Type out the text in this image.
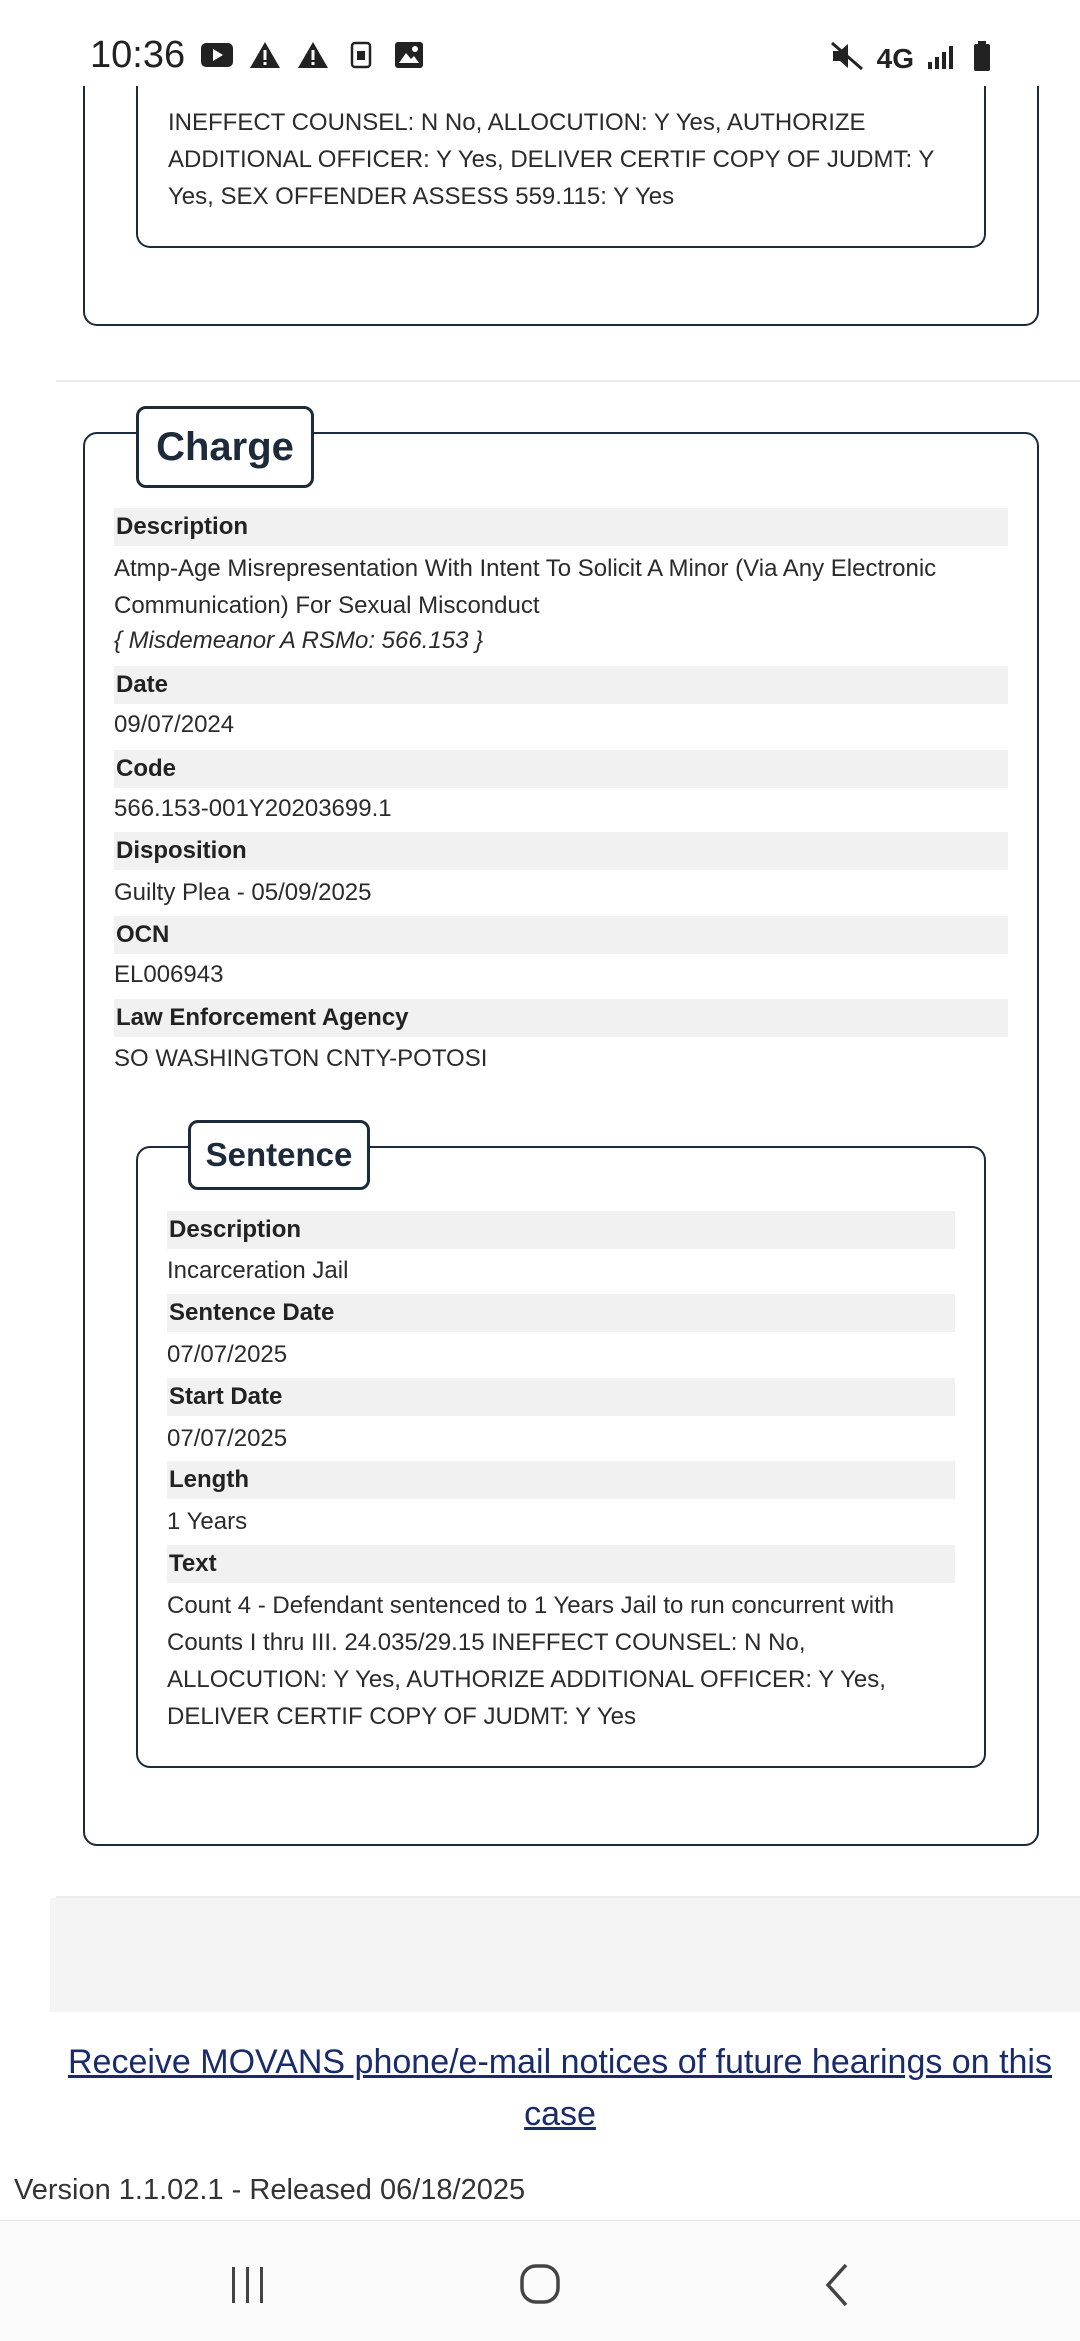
10:36	4G
INEFFECT COUNSEL: N No, ALLOCUTION: Y Yes, AUTHORIZE ADDITIONAL OFFICER: Y Yes, DELIVER CERTIF COPY OF JUDMT: Y Yes, SEX OFFENDER ASSESS 559.115: Y Yes
Charge
Description
Atmp-Age Misrepresentation With Intent To Solicit A Minor (Via Any Electronic Communication) For Sexual Misconduct
{ Misdemeanor A RSMo: 566.153 }
Date
09/07/2024
Code
566.153-001Y20203699.1
Disposition
Guilty Plea - 05/09/2025
OCN
EL006943
Law Enforcement Agency
SO WASHINGTON CNTY-POTOSI
Sentence
Description
Incarceration Jail
Sentence Date
07/07/2025
Start Date
07/07/2025
Length
1 Years
Text
Count 4 - Defendant sentenced to 1 Years Jail to run concurrent with Counts I thru III. 24.035/29.15 INEFFECT COUNSEL: N No, ALLOCUTION: Y Yes, AUTHORIZE ADDITIONAL OFFICER: Y Yes, DELIVER CERTIF COPY OF JUDMT: Y Yes
Receive MOVANS phone/e-mail notices of future hearings on this case
Version 1.1.02.1 - Released 06/18/2025
